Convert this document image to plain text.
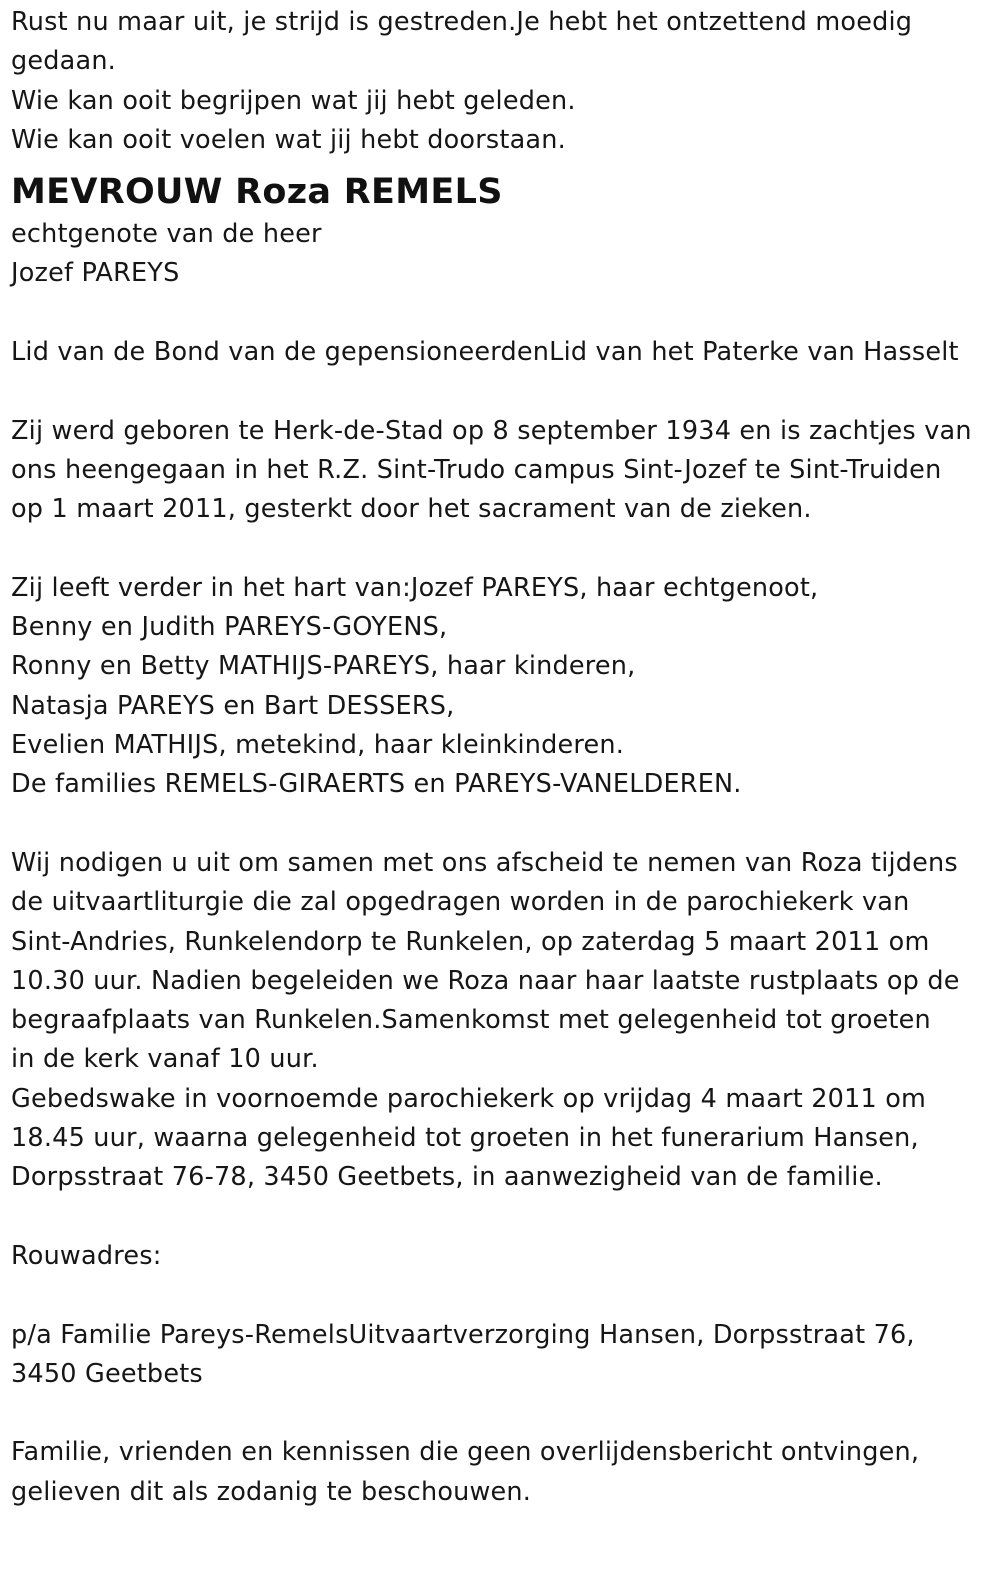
Rust nu maar uit, je strijd is gestreden.Je hebt het ontzettend moedig
gedaan.
Wie kan ooit begrijpen wat jij hebt geleden.
Wie kan ooit voelen wat jij hebt doorstaan.
MEVROUW Roza REMELS
echtgenote van de heer
Jozef PAREYS
Lid van de Bond van de gepensioneerdenLid van het Paterke van Hasselt
Zij werd geboren te Herk-de-Stad op 8 september 1934 en is zachtjes van
ons heengegaan in het R.Z. Sint-Trudo campus Sint-Jozef te Sint-Truiden
op 1 maart 2011, gesterkt door het sacrament van de zieken.
Zij leeft verder in het hart van:Jozef PAREYS, haar echtgenoot,
Benny en Judith PAREYS-GOYENS,
Ronny en Betty MATHIJS-PAREYS, haar kinderen,
Natasja PAREYS en Bart DESSERS,
Evelien MATHIJS, metekind, haar kleinkinderen.
De families REMELS-GIRAERTS en PAREYS-VANELDEREN.
Wij nodigen u uit om samen met ons afscheid te nemen van Roza tijdens
de uitvaartliturgie die zal opgedragen worden in de parochiekerk van
Sint-Andries, Runkelendorp te Runkelen, op zaterdag 5 maart 2011 om
10.30 uur. Nadien begeleiden we Roza naar haar laatste rustplaats op de
begraafplaats van Runkelen.Samenkomst met gelegenheid tot groeten
in de kerk vanaf 10 uur.
Gebedswake in voornoemde parochiekerk op vrijdag 4 maart 2011 om
18.45 uur, waarna gelegenheid tot groeten in het funerarium Hansen,
Dorpsstraat 76-78, 3450 Geetbets, in aanwezigheid van de familie.
Rouwadres:
p/a Familie Pareys-RemelsUitvaartverzorging Hansen, Dorpsstraat 76,
3450 Geetbets
Familie, vrienden en kennissen die geen overlijdensbericht ontvingen,
gelieven dit als zodanig te beschouwen.
